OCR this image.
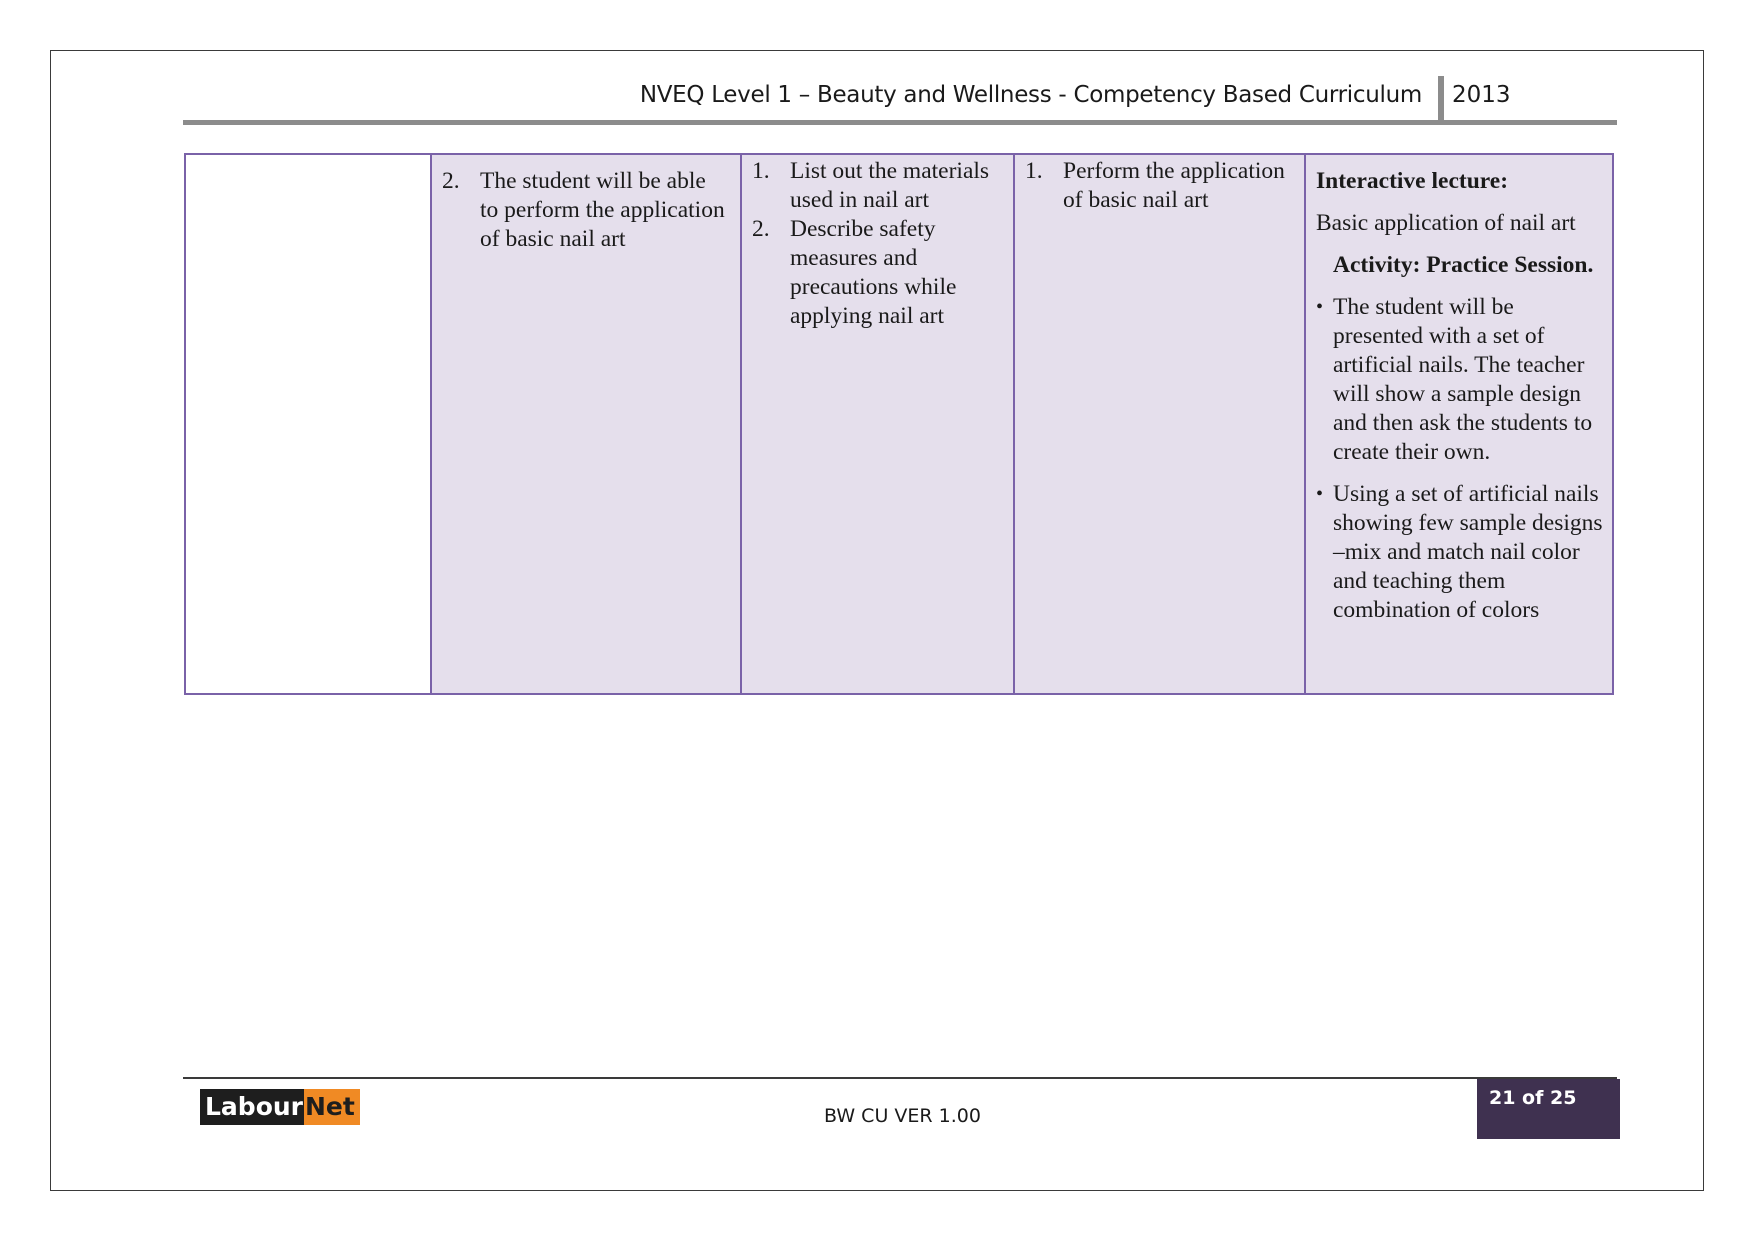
NVEQ Level 1 – Beauty and Wellness - Competency Based Curriculum 2013
2. The student will be able to perform the application of basic nail art
1. List out the materials used in nail art
2. Describe safety measures and precautions while applying nail art
1. Perform the application of basic nail art
Interactive lecture:
Basic application of nail art
Activity: Practice Session.
• The student will be presented with a set of artificial nails. The teacher will show a sample design and then ask the students to create their own.
• Using a set of artificial nails showing few sample designs –mix and match nail color and teaching them combination of colors
Labour Net	BW CU VER 1.00
21 of 25
